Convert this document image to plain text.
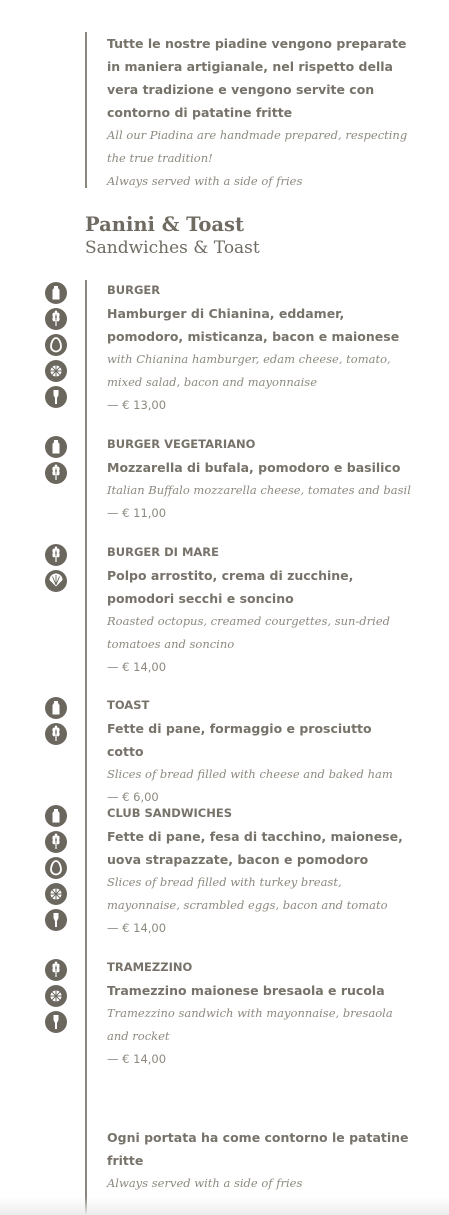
Tutte le nostre piadine vengono preparate in maniera artigianale, nel rispetto della vera tradizione e vengono servite con contorno di patatine fritte
All our Piadina are handmade prepared, respecting the true tradition!
Always served with a side of fries
Panini & Toast
Sandwiches & Toast
BURGER
Hamburger di Chianina, eddamer, pomodoro, misticanza, bacon e maionese
with Chianina hamburger, edam cheese, tomato, mixed salad, bacon and mayonnaise
— € 13,00
BURGER VEGETARIANO
Mozzarella di bufala, pomodoro e basilico
Italian Buffalo mozzarella cheese, tomates and basil
— € 11,00
BURGER DI MARE
Polpo arrostito, crema di zucchine, pomodori secchi e soncino
Roasted octopus, creamed courgettes, sun-dried tomatoes and soncino
— € 14,00
TOAST
Fette di pane, formaggio e prosciutto cotto
Slices of bread filled with cheese and baked ham
— € 6,00
CLUB SANDWICHES
Fette di pane, fesa di tacchino, maionese, uova strapazzate, bacon e pomodoro
Slices of bread filled with turkey breast, mayonnaise, scrambled eggs, bacon and tomato
— € 14,00
TRAMEZZINO
Tramezzino maionese bresaola e rucola
Tramezzino sandwich with mayonnaise, bresaola and rocket
— € 14,00
Ogni portata ha come contorno le patatine fritte
Always served with a side of fries
